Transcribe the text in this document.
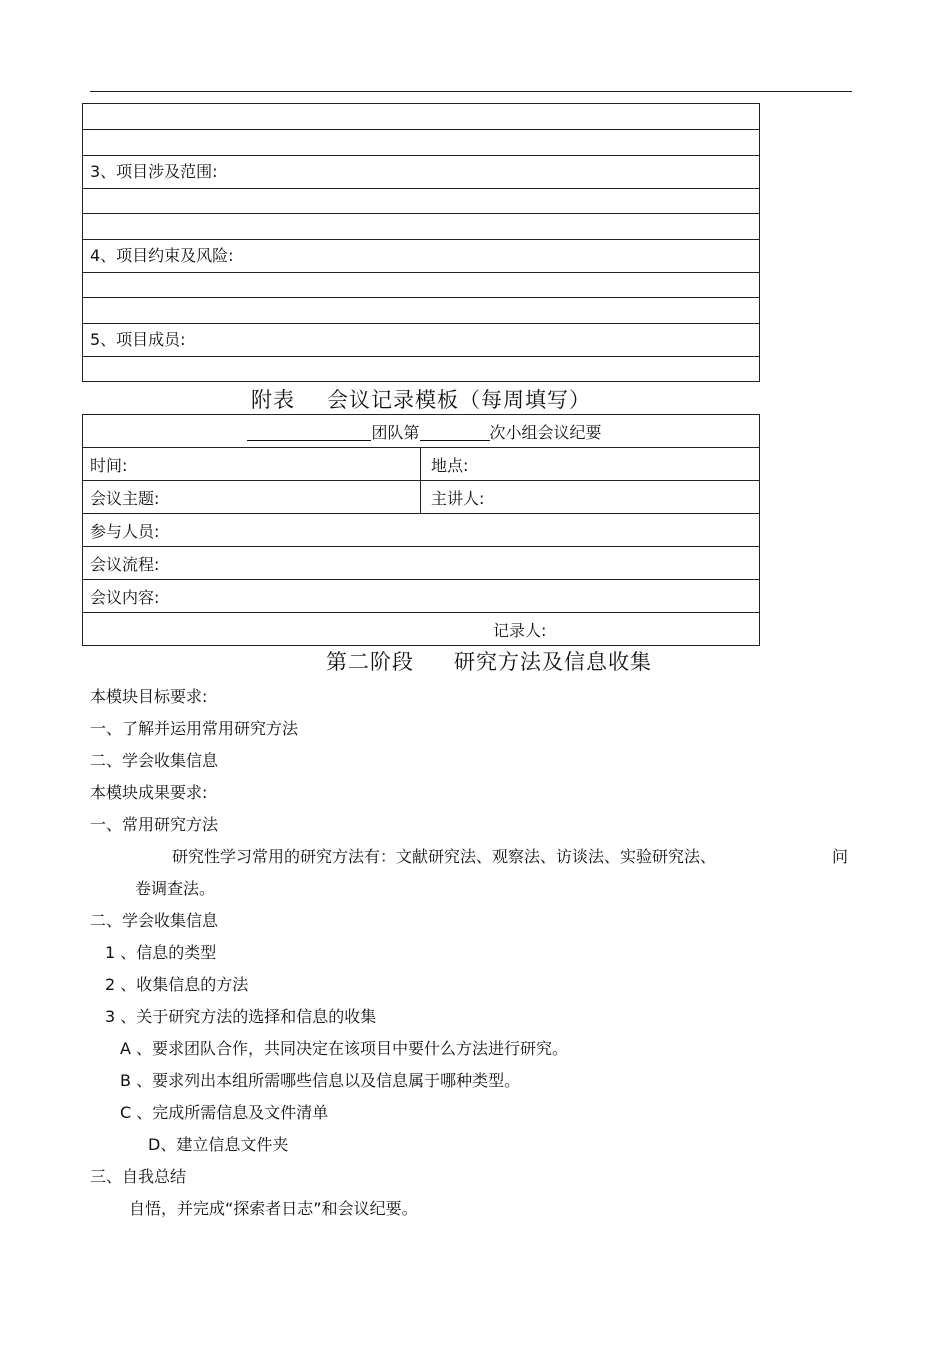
3、项目涉及范围:
4、项目约束及风险:
5、项目成员:
附表 会议记录模板（每周填写）
团队第	次小组会议纪要
时间:	地点:
会议主题:	主讲人:
参与人员:
会议流程:
会议内容:
记录人:
第二阶段 研究方法及信息收集
本模块目标要求:
一、了解并运用常用研究方法
二、学会收集信息
本模块成果要求:
一、常用研究方法
研究性学习常用的研究方法有：文献研究法、观察法、访谈法、实验研究法、	问
卷调查法。
二、学会收集信息
1 、信息的类型
2 、收集信息的方法
3 、关于研究方法的选择和信息的收集
A 、要求团队合作，共同决定在该项目中要什么方法进行研究。
B 、要求列出本组所需哪些信息以及信息属于哪种类型。
C 、完成所需信息及文件清单
D、建立信息文件夹
三、自我总结
自悟，并完成“探索者日志”和会议纪要。
